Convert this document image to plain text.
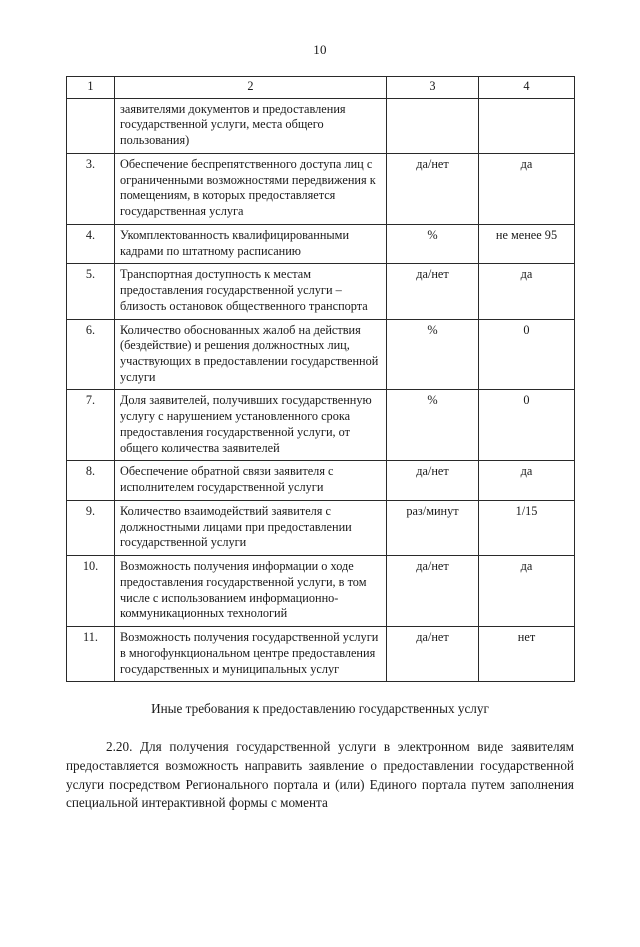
10
1	2	3	4
	заявителями документов и предоставления государственной услуги, места общего пользования)		
3.	Обеспечение беспрепятственного доступа лиц с ограниченными возможностями передвижения к помещениям, в которых предоставляется государственная услуга	да/нет	да
4.	Укомплектованность квалифицированными кадрами по штатному расписанию	%	не менее 95
5.	Транспортная доступность к местам предоставления государственной услуги – близость остановок общественного транспорта	да/нет	да
6.	Количество обоснованных жалоб на действия (бездействие) и решения должностных лиц, участвующих в предоставлении государственной услуги	%	0
7.	Доля заявителей, получивших государственную услугу с нарушением установленного срока предоставления государственной услуги, от общего количества заявителей	%	0
8.	Обеспечение обратной связи заявителя с исполнителем государственной услуги	да/нет	да
9.	Количество взаимодействий заявителя с должностными лицами при предоставлении государственной услуги	раз/минут	1/15
10.	Возможность получения информации о ходе предоставления государственной услуги, в том числе с использованием информационно-коммуникационных технологий	да/нет	да
11.	Возможность получения государственной услуги в многофункциональном центре предоставления государственных и муниципальных услуг	да/нет	нет

Иные требования к предоставлению государственных услуг

2.20. Для получения государственной услуги в электронном виде заявителям предоставляется возможность направить заявление о предоставлении государственной услуги посредством Регионального портала и (или) Единого портала путем заполнения специальной интерактивной формы с момента
